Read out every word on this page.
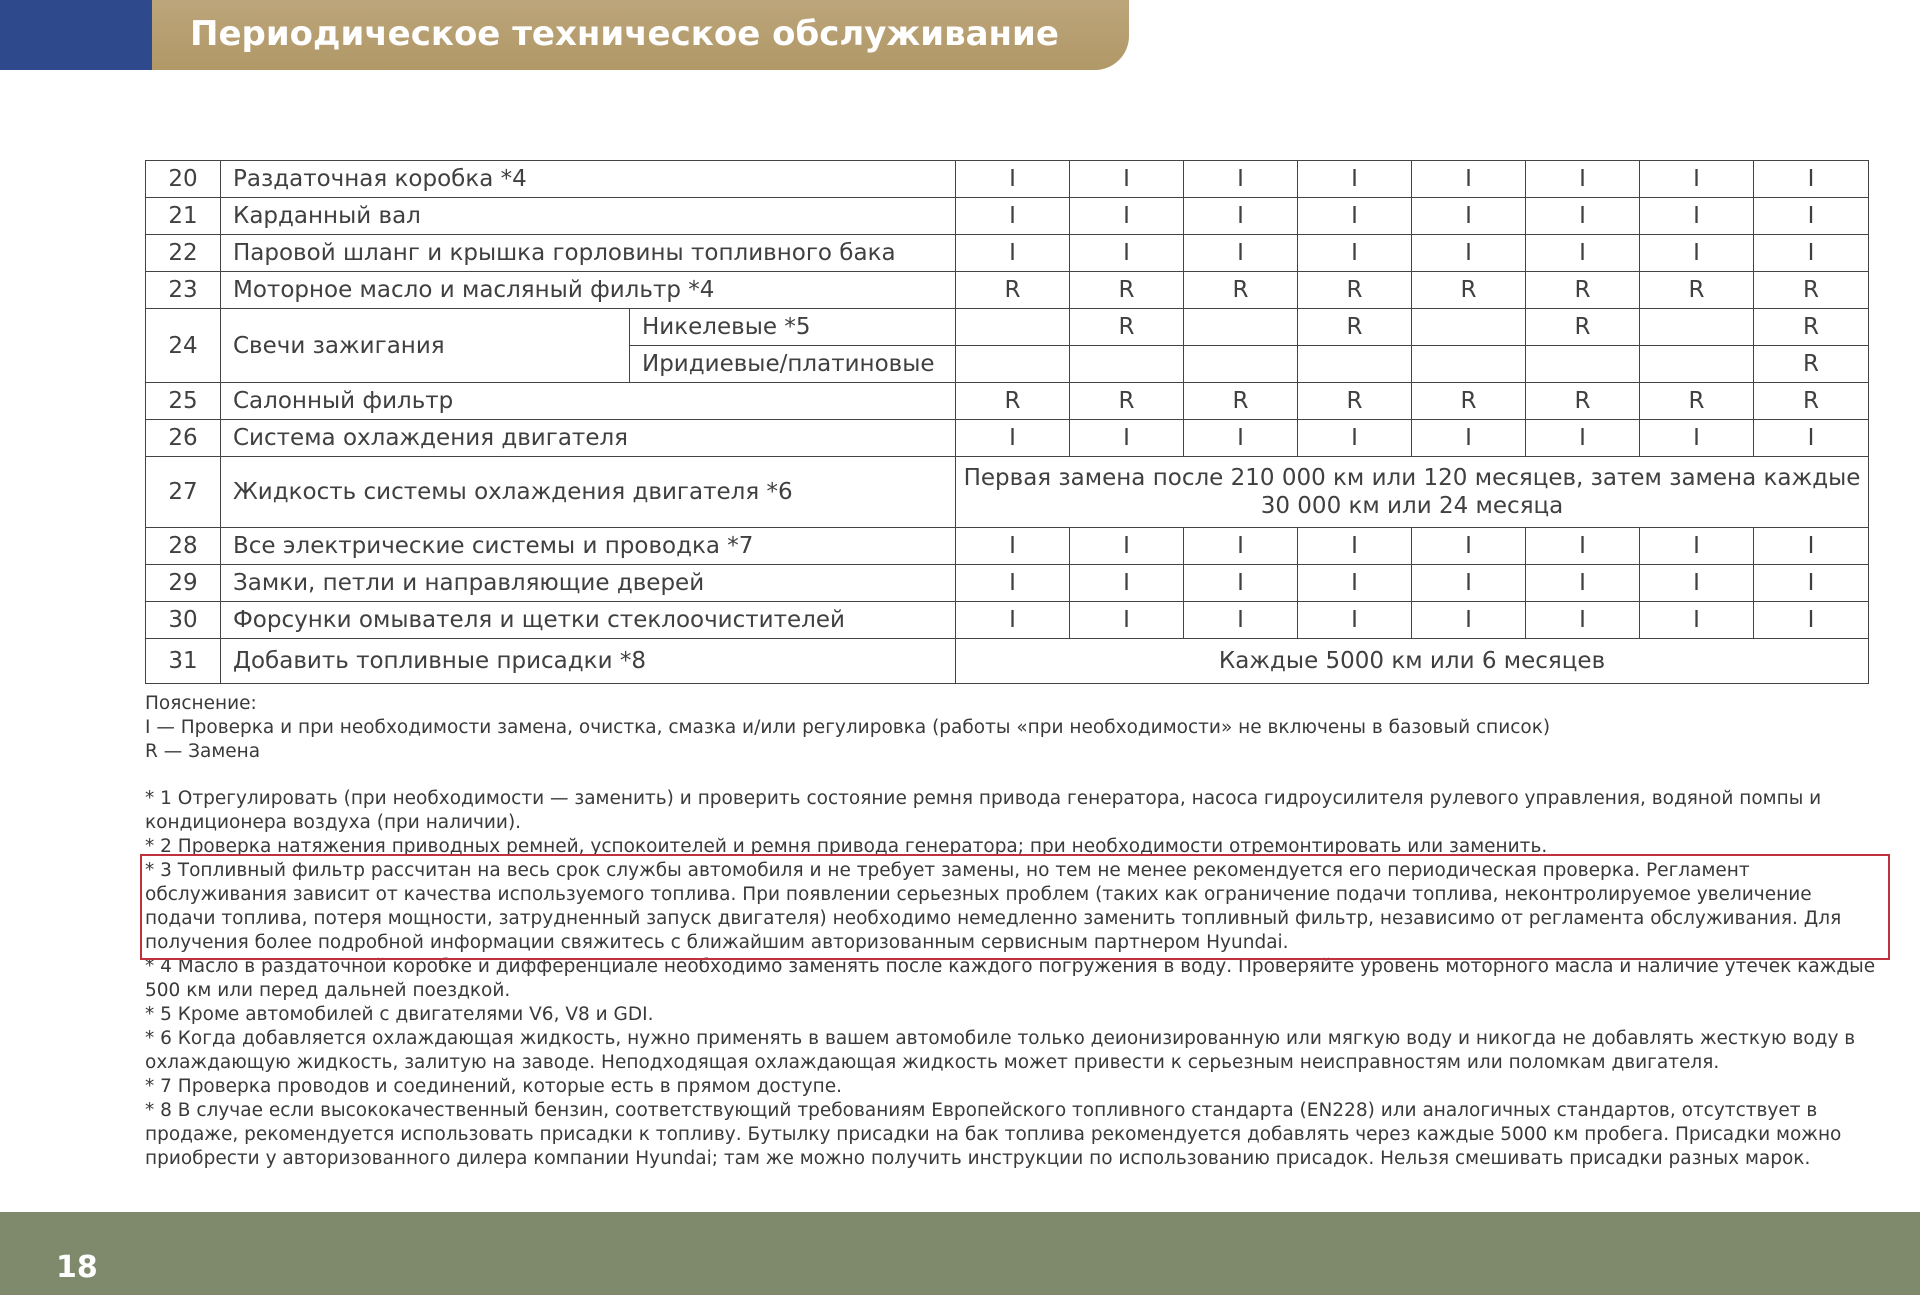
Периодическое техническое обслуживание
20	Раздаточная коробка *4		I	I	I	I	I	I	I	I
21	Карданный вал		I	I	I	I	I	I	I	I
22	Паровой шланг и крышка горловины топливного бака		I	I	I	I	I	I	I	I
23	Моторное масло и масляный фильтр *4		R	R	R	R	R	R	R	R
24	Свечи зажигания	Никелевые *5		R		R		R		R
		Иридиевые/платиновые								R
25	Салонный фильтр		R	R	R	R	R	R	R	R
26	Система охлаждения двигателя		I	I	I	I	I	I	I	I
27	Жидкость системы охлаждения двигателя *6		Первая замена после 210 000 км или 120 месяцев, затем замена каждые 30 000 км или 24 месяца							
28	Все электрические системы и проводка *7		I	I	I	I	I	I	I	I
29	Замки, петли и направляющие дверей		I	I	I	I	I	I	I	I
30	Форсунки омывателя и щетки стеклоочистителей		I	I	I	I	I	I	I	I
31	Добавить топливные присадки *8		Каждые 5000 км или 6 месяцев							

Пояснение:

I — Проверка и при необходимости замена, очистка, смазка и/или регулировка (работы «при необходимости» не включены в базовый список)

R — Замена

* 1 Отрегулировать (при необходимости — заменить) и проверить состояние ремня привода генератора, насоса гидроусилителя рулевого управления, водяной помпы и кондиционера воздуха (при наличии).

* 2 Проверка натяжения приводных ремней, успокоителей и ремня привода генератора; при необходимости отремонтировать или заменить.

* 3 Топливный фильтр рассчитан на весь срок службы автомобиля и не требует замены, но тем не менее рекомендуется его периодическая проверка. Регламент обслуживания зависит от качества используемого топлива. При появлении серьезных проблем (таких как ограничение подачи топлива, неконтролируемое увеличение подачи топлива, потеря мощности, затрудненный запуск двигателя) необходимо немедленно заменить топливный фильтр, независимо от регламента обслуживания. Для получения более подробной информации свяжитесь с ближайшим авторизованным сервисным партнером Hyundai.

* 4 Масло в раздаточной коробке и дифференциале необходимо заменять после каждого погружения в воду. Проверяйте уровень моторного масла и наличие утечек каждые 500 км или перед дальней поездкой.

* 5 Кроме автомобилей с двигателями V6, V8 и GDI.

* 6 Когда добавляется охлаждающая жидкость, нужно применять в вашем автомобиле только деионизированную или мягкую воду и никогда не добавлять жесткую воду в охлаждающую жидкость, залитую на заводе. Неподходящая охлаждающая жидкость может привести к серьезным неисправностям или поломкам двигателя.

* 7 Проверка проводов и соединений, которые есть в прямом доступе.

* 8 В случае если высококачественный бензин, соответствующий требованиям Европейского топливного стандарта (EN228) или аналогичных стандартов, отсутствует в продаже, рекомендуется использовать присадки к топливу. Бутылку присадки на бак топлива рекомендуется добавлять через каждые 5000 км пробега. Присадки можно приобрести у авторизованного дилера компании Hyundai; там же можно получить инструкции по использованию присадок. Нельзя смешивать присадки разных марок.

18
